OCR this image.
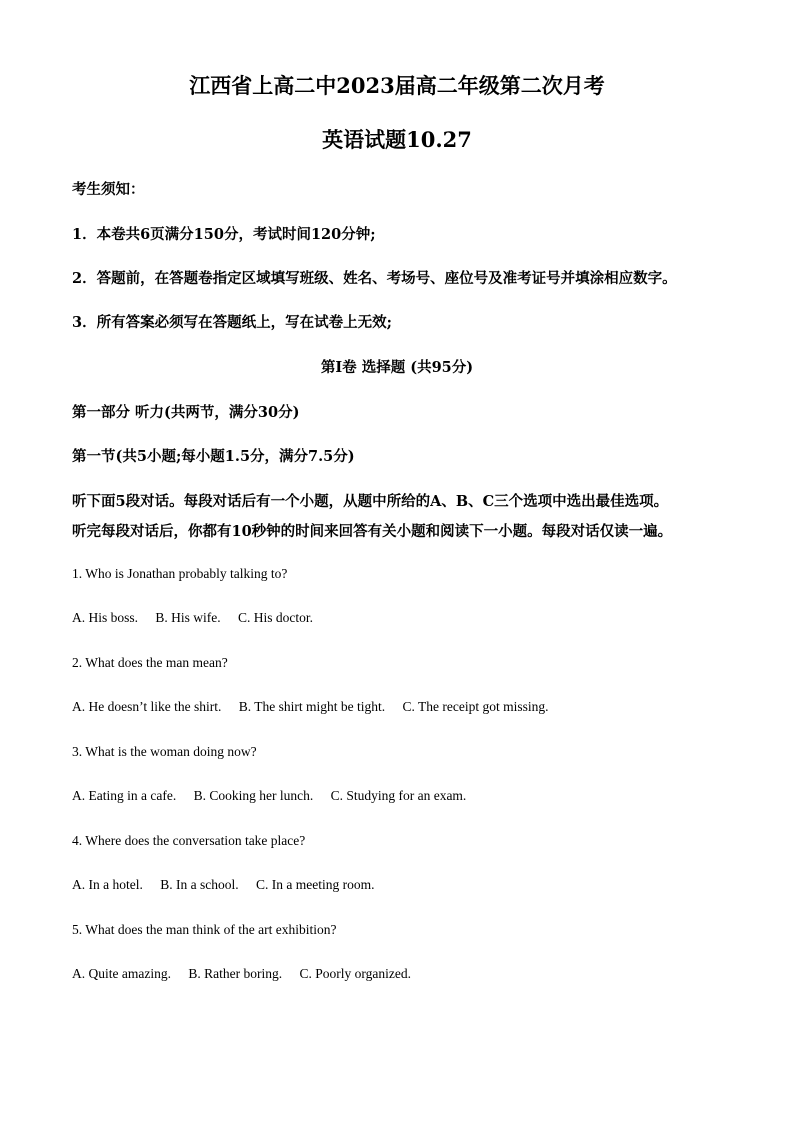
江西省上高二中2023届高二年级第二次月考
英语试题10.27
考生须知：
1．本卷共6页满分150分，考试时间120分钟;
2．答题前，在答题卷指定区域填写班级、姓名、考场号、座位号及准考证号并填涂相应数字。
3．所有答案必须写在答题纸上，写在试卷上无效;
第I卷 选择题 (共95分)
第一部分 听力(共两节，满分30分)
第一节(共5小题;每小题1.5分，满分7.5分)
听下面5段对话。每段对话后有一个小题，从题中所给的A、B、C三个选项中选出最佳选项。
听完每段对话后，你都有10秒钟的时间来回答有关小题和阅读下一小题。每段对话仅读一遍。
1. Who is Jonathan probably talking to?
A. His boss. B. His wife. C. His doctor.
2. What does the man mean?
A. He doesn’t like the shirt. B. The shirt might be tight. C. The receipt got missing.
3. What is the woman doing now?
A. Eating in a cafe. B. Cooking her lunch. C. Studying for an exam.
4. Where does the conversation take place?
A. In a hotel. B. In a school. C. In a meeting room.
5. What does the man think of the art exhibition?
A. Quite amazing. B. Rather boring. C. Poorly organized.
